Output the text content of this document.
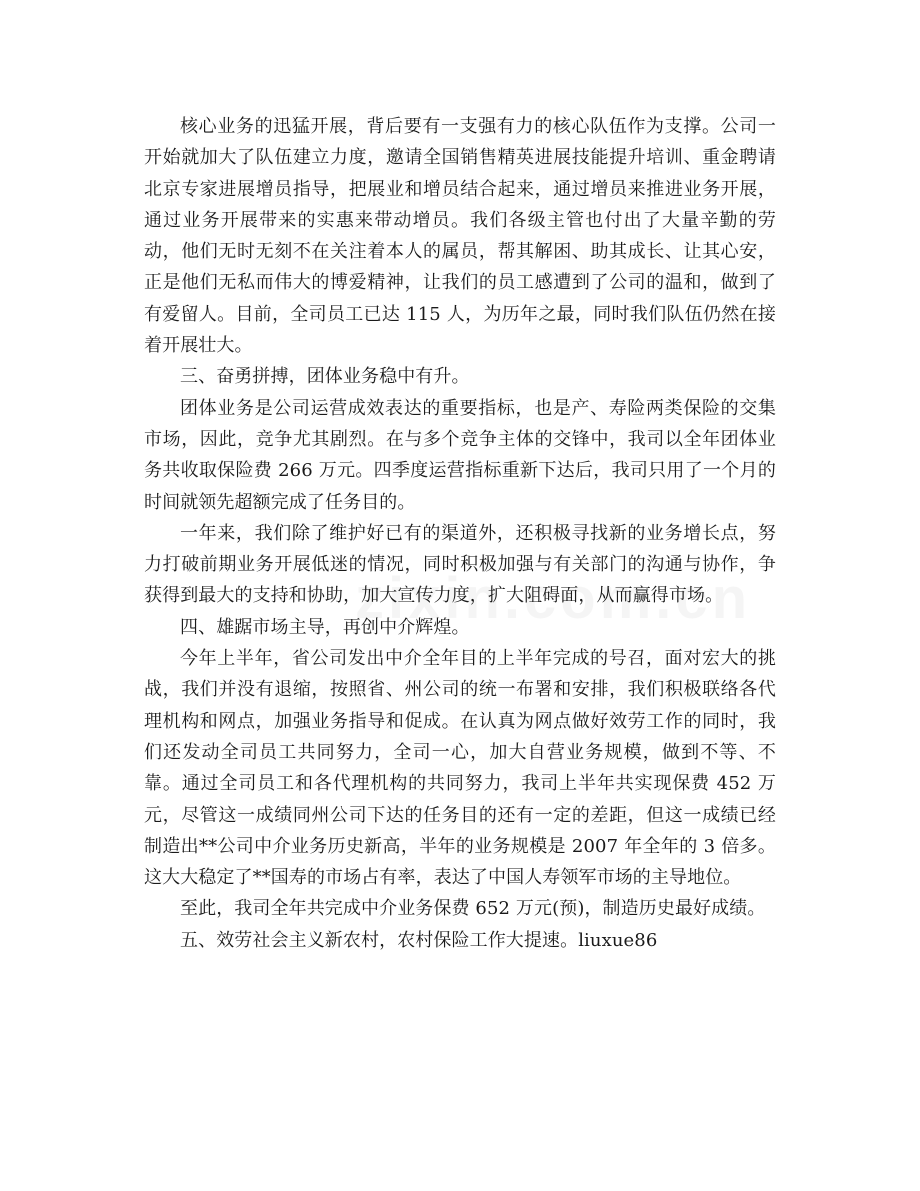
核心业务的迅猛开展，背后要有一支强有力的核心队伍作为支撑。公司一开始就加大了队伍建立力度，邀请全国销售精英进展技能提升培训、重金聘请北京专家进展增员指导，把展业和增员结合起来，通过增员来推进业务开展，通过业务开展带来的实惠来带动增员。我们各级主管也付出了大量辛勤的劳动，他们无时无刻不在关注着本人的属员，帮其解困、助其成长、让其心安，正是他们无私而伟大的博爱精神，让我们的员工感遭到了公司的温和，做到了有爱留人。目前，全司员工已达 115 人，为历年之最，同时我们队伍仍然在接着开展壮大。

三、奋勇拼搏，团体业务稳中有升。

团体业务是公司运营成效表达的重要指标，也是产、寿险两类保险的交集市场，因此，竞争尤其剧烈。在与多个竞争主体的交锋中，我司以全年团体业务共收取保险费 266 万元。四季度运营指标重新下达后，我司只用了一个月的时间就领先超额完成了任务目的。

一年来，我们除了维护好已有的渠道外，还积极寻找新的业务增长点，努力打破前期业务开展低迷的情况，同时积极加强与有关部门的沟通与协作，争获得到最大的支持和协助，加大宣传力度，扩大阻碍面，从而赢得市场。

四、雄踞市场主导，再创中介辉煌。

今年上半年，省公司发出中介全年目的上半年完成的号召，面对宏大的挑战，我们并没有退缩，按照省、州公司的统一布署和安排，我们积极联络各代理机构和网点，加强业务指导和促成。在认真为网点做好效劳工作的同时，我们还发动全司员工共同努力，全司一心，加大自营业务规模，做到不等、不靠。通过全司员工和各代理机构的共同努力，我司上半年共实现保费 452 万元，尽管这一成绩同州公司下达的任务目的还有一定的差距，但这一成绩已经制造出**公司中介业务历史新高，半年的业务规模是 2007 年全年的 3 倍多。这大大稳定了**国寿的市场占有率，表达了中国人寿领军市场的主导地位。

至此，我司全年共完成中介业务保费 652 万元(预)，制造历史最好成绩。

五、效劳社会主义新农村，农村保险工作大提速。liuxue86
